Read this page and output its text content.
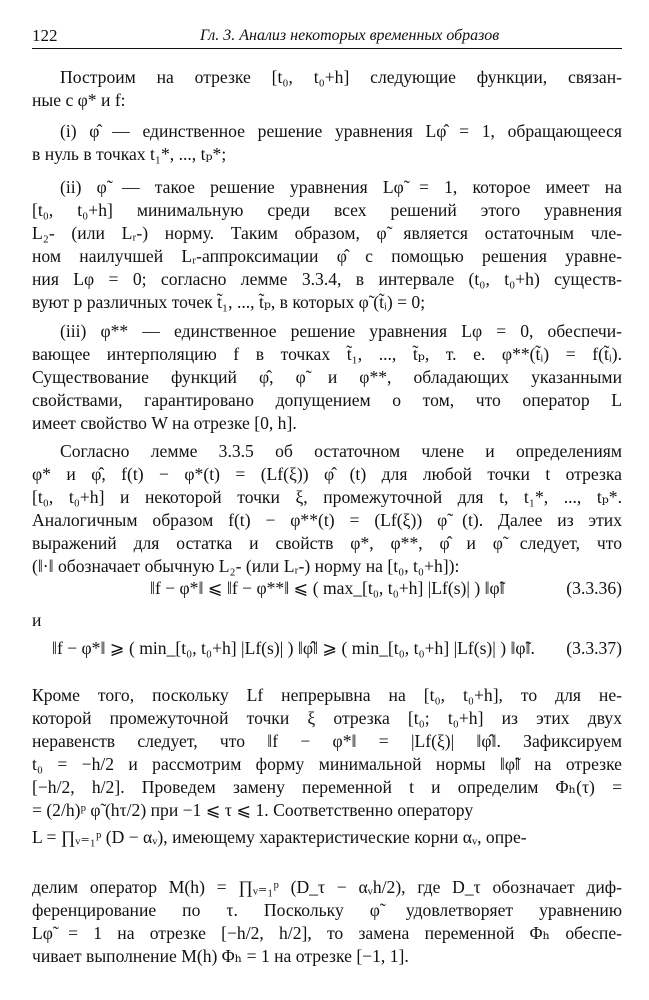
122	Гл. 3. Анализ некоторых временных образов
Построим на отрезке [t₀, t₀+h] следующие функции, связан-
ные с φ* и f:
(i) φ̂ — единственное решение уравнения Lφ̂ = 1, обращающееся
в нуль в точках t₁*, ..., tₚ*;
(ii) φ̃ — такое решение уравнения Lφ̃ = 1, которое имеет на
[t₀, t₀+h] минимальную среди всех решений этого уравнения
L₂- (или Lᵣ-) норму. Таким образом, φ̃ является остаточным чле-
ном наилучшей Lᵣ-аппроксимации φ̂ с помощью решения уравне-
ния Lφ = 0; согласно лемме 3.3.4, в интервале (t₀, t₀+h) существ-
вуют p различных точек t̃₁, ..., t̃ₚ, в которых φ̃ (t̃ᵢ) = 0;
(iii) φ** — единственное решение уравнения Lφ = 0, обеспечи-
вающее интерполяцию f в точках t̃₁, ..., t̃ₚ, т. е. φ**(t̃ᵢ) = f(t̃ᵢ).
Существование функций φ̂, φ̃ и φ**, обладающих указанными
свойствами, гарантировано допущением о том, что оператор L
имеет свойство W на отрезке [0, h].
Согласно лемме 3.3.5 об остаточном члене и определениям
φ* и φ̂, f(t) − φ*(t) = (Lf(ξ)) φ̂ (t) для любой точки t отрезка
[t₀, t₀+h] и некоторой точки ξ, промежуточной для t, t₁*, ..., tₚ*.
Аналогичным образом f(t) − φ**(t) = (Lf(ξ)) φ̃ (t). Далее из этих
выражений для остатка и свойств φ*, φ**, φ̂ и φ̃ следует, что
(‖·‖ обозначает обычную L₂- (или Lᵣ-) норму на [t₀, t₀+h]):
Кроме того, поскольку Lf непрерывна на [t₀, t₀+h], то для не-
которой промежуточной точки ξ отрезка [t₀; t₀+h] из этих двух
неравенств следует, что ‖f − φ*‖ = |Lf(ξ)| ‖φ̂‖. Зафиксируем
t₀ = −h/2 и рассмотрим форму минимальной нормы ‖φ̃‖ на отрезке
[−h/2, h/2]. Проведем замену переменной t и определим Φₕ(τ) =
= (2/h)ᵖ φ̃ (hτ/2) при −1 ⩽ τ ⩽ 1. Соответственно оператору
L = ∏ᵥ₌₁ᵖ (D − αᵥ), имеющему характеристические корни αᵥ, опре-
делим оператор M(h) = ∏ᵥ₌₁ᵖ (D_τ − αᵥh/2), где D_τ обозначает диф-
ференцирование по τ. Поскольку φ̃ удовлетворяет уравнению
Lφ̃ = 1 на отрезке [−h/2, h/2], то замена переменной Φₕ обеспе-
чивает выполнение M(h) Φₕ = 1 на отрезке [−1, 1].
‖f − φ*‖ ⩽ ‖f − φ**‖ ⩽ ( max_[t₀, t₀+h] |Lf(s)| ) ‖φ̃‖	(3.3.36)
и
‖f − φ*‖ ⩾ ( min_[t₀, t₀+h] |Lf(s)| ) ‖φ̂‖ ⩾ ( min_[t₀, t₀+h] |Lf(s)| ) ‖φ̃‖. (3.3.37)
